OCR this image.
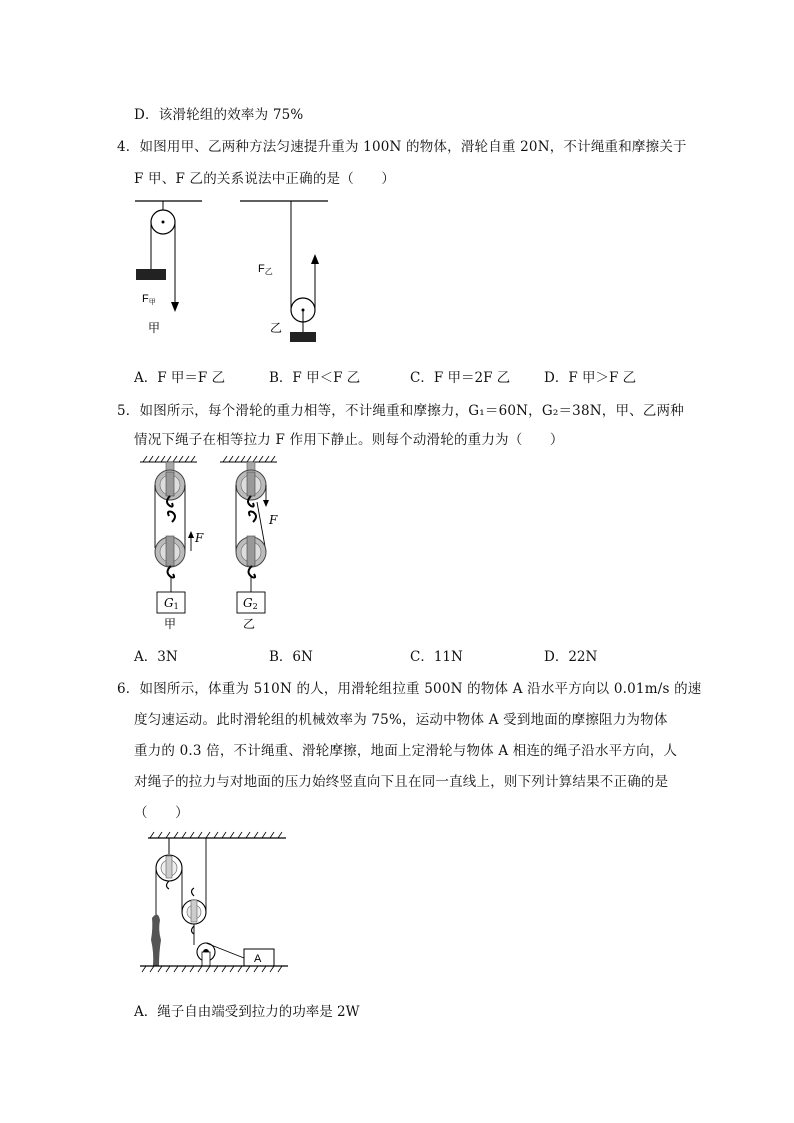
D．该滑轮组的效率为 75%
4．如图用甲、乙两种方法匀速提升重为 100N 的物体，滑轮自重 20N，不计绳重和摩擦关于
F 甲、F 乙的关系说法中正确的是（　　）
F甲
甲
F乙
乙
A．F 甲＝F 乙	B．F 甲＜F 乙	C．F 甲＝2F 乙	D．F 甲＞F 乙
5．如图所示，每个滑轮的重力相等，不计绳重和摩擦力，G₁＝60N，G₂＝38N，甲、乙两种
情况下绳子在相等拉力 F 作用下静止。则每个动滑轮的重力为（　　）
F
G1
甲
F
G2
乙
A．3N	B．6N	C．11N	D．22N
6．如图所示，体重为 510N 的人，用滑轮组拉重 500N 的物体 A 沿水平方向以 0.01m/s 的速
度匀速运动。此时滑轮组的机械效率为 75%，运动中物体 A 受到地面的摩擦阻力为物体
重力的 0.3 倍，不计绳重、滑轮摩擦，地面上定滑轮与物体 A 相连的绳子沿水平方向，人
对绳子的拉力与对地面的压力始终竖直向下且在同一直线上，则下列计算结果不正确的是
（　　）
A
A．绳子自由端受到拉力的功率是 2W
